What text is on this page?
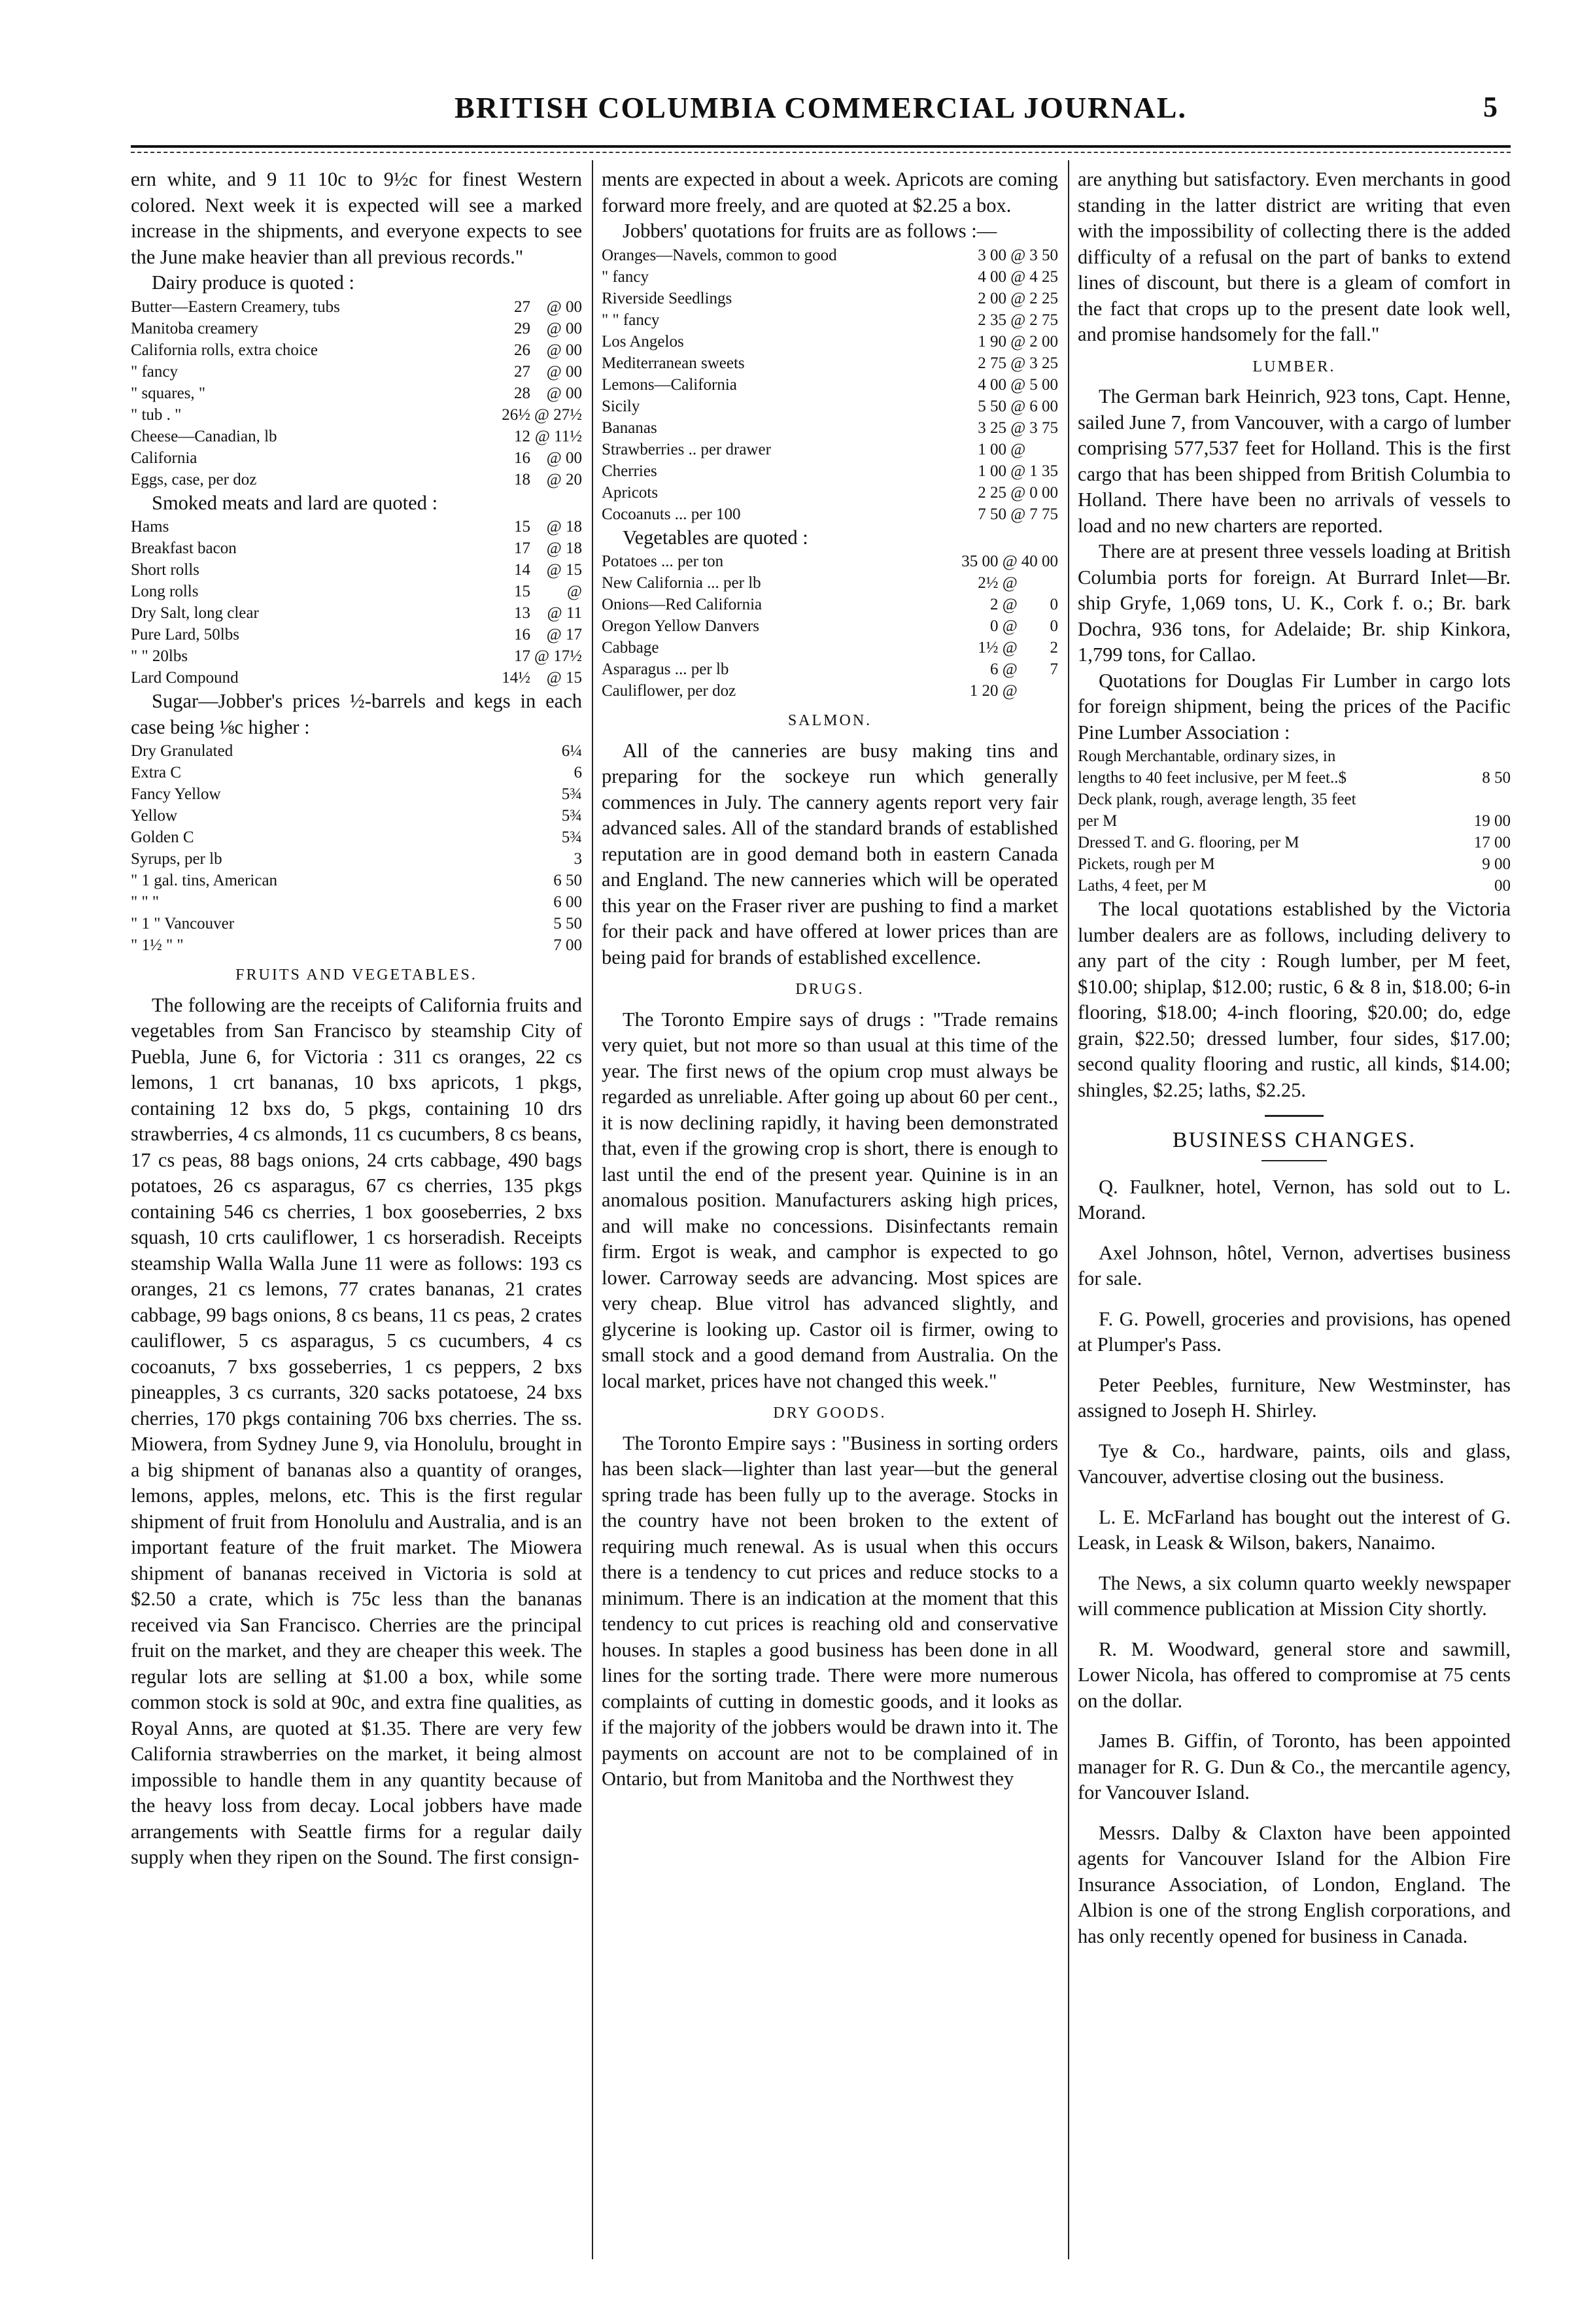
BRITISH COLUMBIA COMMERCIAL JOURNAL.	5

ern white, and 9 11 10c to 9½c for finest Western colored. Next week it is expected will see a marked increase in the shipments, and everyone expects to see the June make heavier than all previous records."

Dairy produce is quoted :

Butter—Eastern Creamery, tubs	27	@ 00
Manitoba creamery	29	@ 00
California rolls, extra choice	26	@ 00
" fancy	27	@ 00
" squares, "	28	@ 00
" tub . "	26½	@ 27½
Cheese—Canadian, lb	12	@ 11½
California	16	@ 00
Eggs, case, per doz	18	@ 20

Smoked meats and lard are quoted :

Hams	15	@ 18
Breakfast bacon	17	@ 18
Short rolls	14	@ 15
Long rolls	15	@
Dry Salt, long clear	13	@ 11
Pure Lard, 50lbs	16	@ 17
" " 20lbs	17	@ 17½
Lard Compound	14½	@ 15

Sugar—Jobber's prices ½-barrels and kegs in each case being ⅛c higher :

Dry Granulated	6¼
Extra C	6
Fancy Yellow	5¾
Yellow	5¾
Golden C	5¾
Syrups, per lb	3
" 1 gal. tins, American	6 50
" " "	6 00
" 1 " Vancouver	5 50
" 1½ " "	7 00
FRUITS AND VEGETABLES.

The following are the receipts of California fruits and vegetables from San Francisco by steamship City of Puebla, June 6, for Victoria : 311 cs oranges, 22 cs lemons, 1 crt bananas, 10 bxs apricots, 1 pkgs, containing 12 bxs do, 5 pkgs, containing 10 drs strawberries, 4 cs almonds, 11 cs cucumbers, 8 cs beans, 17 cs peas, 88 bags onions, 24 crts cabbage, 490 bags potatoes, 26 cs asparagus, 67 cs cherries, 135 pkgs containing 546 cs cherries, 1 box gooseberries, 2 bxs squash, 10 crts cauliflower, 1 cs horseradish. Receipts steamship Walla Walla June 11 were as follows: 193 cs oranges, 21 cs lemons, 77 crates bananas, 21 crates cabbage, 99 bags onions, 8 cs beans, 11 cs peas, 2 crates cauliflower, 5 cs asparagus, 5 cs cucumbers, 4 cs cocoanuts, 7 bxs gosseberries, 1 cs peppers, 2 bxs pineapples, 3 cs currants, 320 sacks potatoese, 24 bxs cherries, 170 pkgs containing 706 bxs cherries. The ss. Miowera, from Sydney June 9, via Honolulu, brought in a big shipment of bananas also a quantity of oranges, lemons, apples, melons, etc. This is the first regular shipment of fruit from Honolulu and Australia, and is an important feature of the fruit market. The Miowera shipment of bananas received in Victoria is sold at $2.50 a crate, which is 75c less than the bananas received via San Francisco. Cherries are the principal fruit on the market, and they are cheaper this week. The regular lots are selling at $1.00 a box, while some common stock is sold at 90c, and extra fine qualities, as Royal Anns, are quoted at $1.35. There are very few California strawberries on the market, it being almost impossible to handle them in any quantity because of the heavy loss from decay. Local jobbers have made arrangements with Seattle firms for a regular daily supply when they ripen on the Sound. The first consign-

ments are expected in about a week. Apricots are coming forward more freely, and are quoted at $2.25 a box.

Jobbers' quotations for fruits are as follows :—

Oranges—Navels, common to good	3 00 @	3 50
" fancy	4 00 @	4 25
Riverside Seedlings	2 00 @	2 25
" " fancy	2 35 @	2 75
Los Angelos	1 90 @	2 00
Mediterranean sweets	2 75 @	3 25
Lemons—California	4 00 @	5 00
Sicily	5 50 @	6 00
Bananas	3 25 @	3 75
Strawberries .. per drawer	1 00 @	
Cherries	1 00 @	1 35
Apricots	2 25 @	0 00
Cocoanuts ... per 100	7 50 @	7 75

Vegetables are quoted :

Potatoes ... per ton	35 00 @	40 00
New California ... per lb	2½ @	
Onions—Red California	2 @	0
Oregon Yellow Danvers	0 @	0
Cabbage	1½ @	2
Asparagus ... per lb	6 @	7
Cauliflower, per doz	1 20 @	
SALMON.

All of the canneries are busy making tins and preparing for the sockeye run which generally commences in July. The cannery agents report very fair advanced sales. All of the standard brands of established reputation are in good demand both in eastern Canada and England. The new canneries which will be operated this year on the Fraser river are pushing to find a market for their pack and have offered at lower prices than are being paid for brands of established excellence.

DRUGS.

The Toronto Empire says of drugs : "Trade remains very quiet, but not more so than usual at this time of the year. The first news of the opium crop must always be regarded as unreliable. After going up about 60 per cent., it is now declining rapidly, it having been demonstrated that, even if the growing crop is short, there is enough to last until the end of the present year. Quinine is in an anomalous position. Manufacturers asking high prices, and will make no concessions. Disinfectants remain firm. Ergot is weak, and camphor is expected to go lower. Carroway seeds are advancing. Most spices are very cheap. Blue vitrol has advanced slightly, and glycerine is looking up. Castor oil is firmer, owing to small stock and a good demand from Australia. On the local market, prices have not changed this week."

DRY GOODS.

The Toronto Empire says : "Business in sorting orders has been slack—lighter than last year—but the general spring trade has been fully up to the average. Stocks in the country have not been broken to the extent of requiring much renewal. As is usual when this occurs there is a tendency to cut prices and reduce stocks to a minimum. There is an indication at the moment that this tendency to cut prices is reaching old and conservative houses. In staples a good business has been done in all lines for the sorting trade. There were more numerous complaints of cutting in domestic goods, and it looks as if the majority of the jobbers would be drawn into it. The payments on account are not to be complained of in Ontario, but from Manitoba and the Northwest they

are anything but satisfactory. Even merchants in good standing in the latter district are writing that even with the impossibility of collecting there is the added difficulty of a refusal on the part of banks to extend lines of discount, but there is a gleam of comfort in the fact that crops up to the present date look well, and promise handsomely for the fall."

LUMBER.

The German bark Heinrich, 923 tons, Capt. Henne, sailed June 7, from Vancouver, with a cargo of lumber comprising 577,537 feet for Holland. This is the first cargo that has been shipped from British Columbia to Holland. There have been no arrivals of vessels to load and no new charters are reported.

There are at present three vessels loading at British Columbia ports for foreign. At Burrard Inlet—Br. ship Gryfe, 1,069 tons, U. K., Cork f. o.; Br. bark Dochra, 936 tons, for Adelaide; Br. ship Kinkora, 1,799 tons, for Callao.

Quotations for Douglas Fir Lumber in cargo lots for foreign shipment, being the prices of the Pacific Pine Lumber Association :

Rough Merchantable, ordinary sizes, in	
lengths to 40 feet inclusive, per M feet..$	8 50
Deck plank, rough, average length, 35 feet	
per M	19 00
Dressed T. and G. flooring, per M	17 00
Pickets, rough per M	9 00
Laths, 4 feet, per M	00

The local quotations established by the Victoria lumber dealers are as follows, including delivery to any part of the city : Rough lumber, per M feet, $10.00; shiplap, $12.00; rustic, 6 & 8 in, $18.00; 6-in flooring, $18.00; 4-inch flooring, $20.00; do, edge grain, $22.50; dressed lumber, four sides, $17.00; second quality flooring and rustic, all kinds, $14.00; shingles, $2.25; laths, $2.25.

BUSINESS CHANGES.

Q. Faulkner, hotel, Vernon, has sold out to L. Morand.

Axel Johnson, hôtel, Vernon, advertises business for sale.

F. G. Powell, groceries and provisions, has opened at Plumper's Pass.

Peter Peebles, furniture, New Westminster, has assigned to Joseph H. Shirley.

Tye & Co., hardware, paints, oils and glass, Vancouver, advertise closing out the business.

L. E. McFarland has bought out the interest of G. Leask, in Leask & Wilson, bakers, Nanaimo.

The News, a six column quarto weekly newspaper will commence publication at Mission City shortly.

R. M. Woodward, general store and sawmill, Lower Nicola, has offered to compromise at 75 cents on the dollar.

James B. Giffin, of Toronto, has been appointed manager for R. G. Dun & Co., the mercantile agency, for Vancouver Island.

Messrs. Dalby & Claxton have been appointed agents for Vancouver Island for the Albion Fire Insurance Association, of London, England. The Albion is one of the strong English corporations, and has only recently opened for business in Canada.
